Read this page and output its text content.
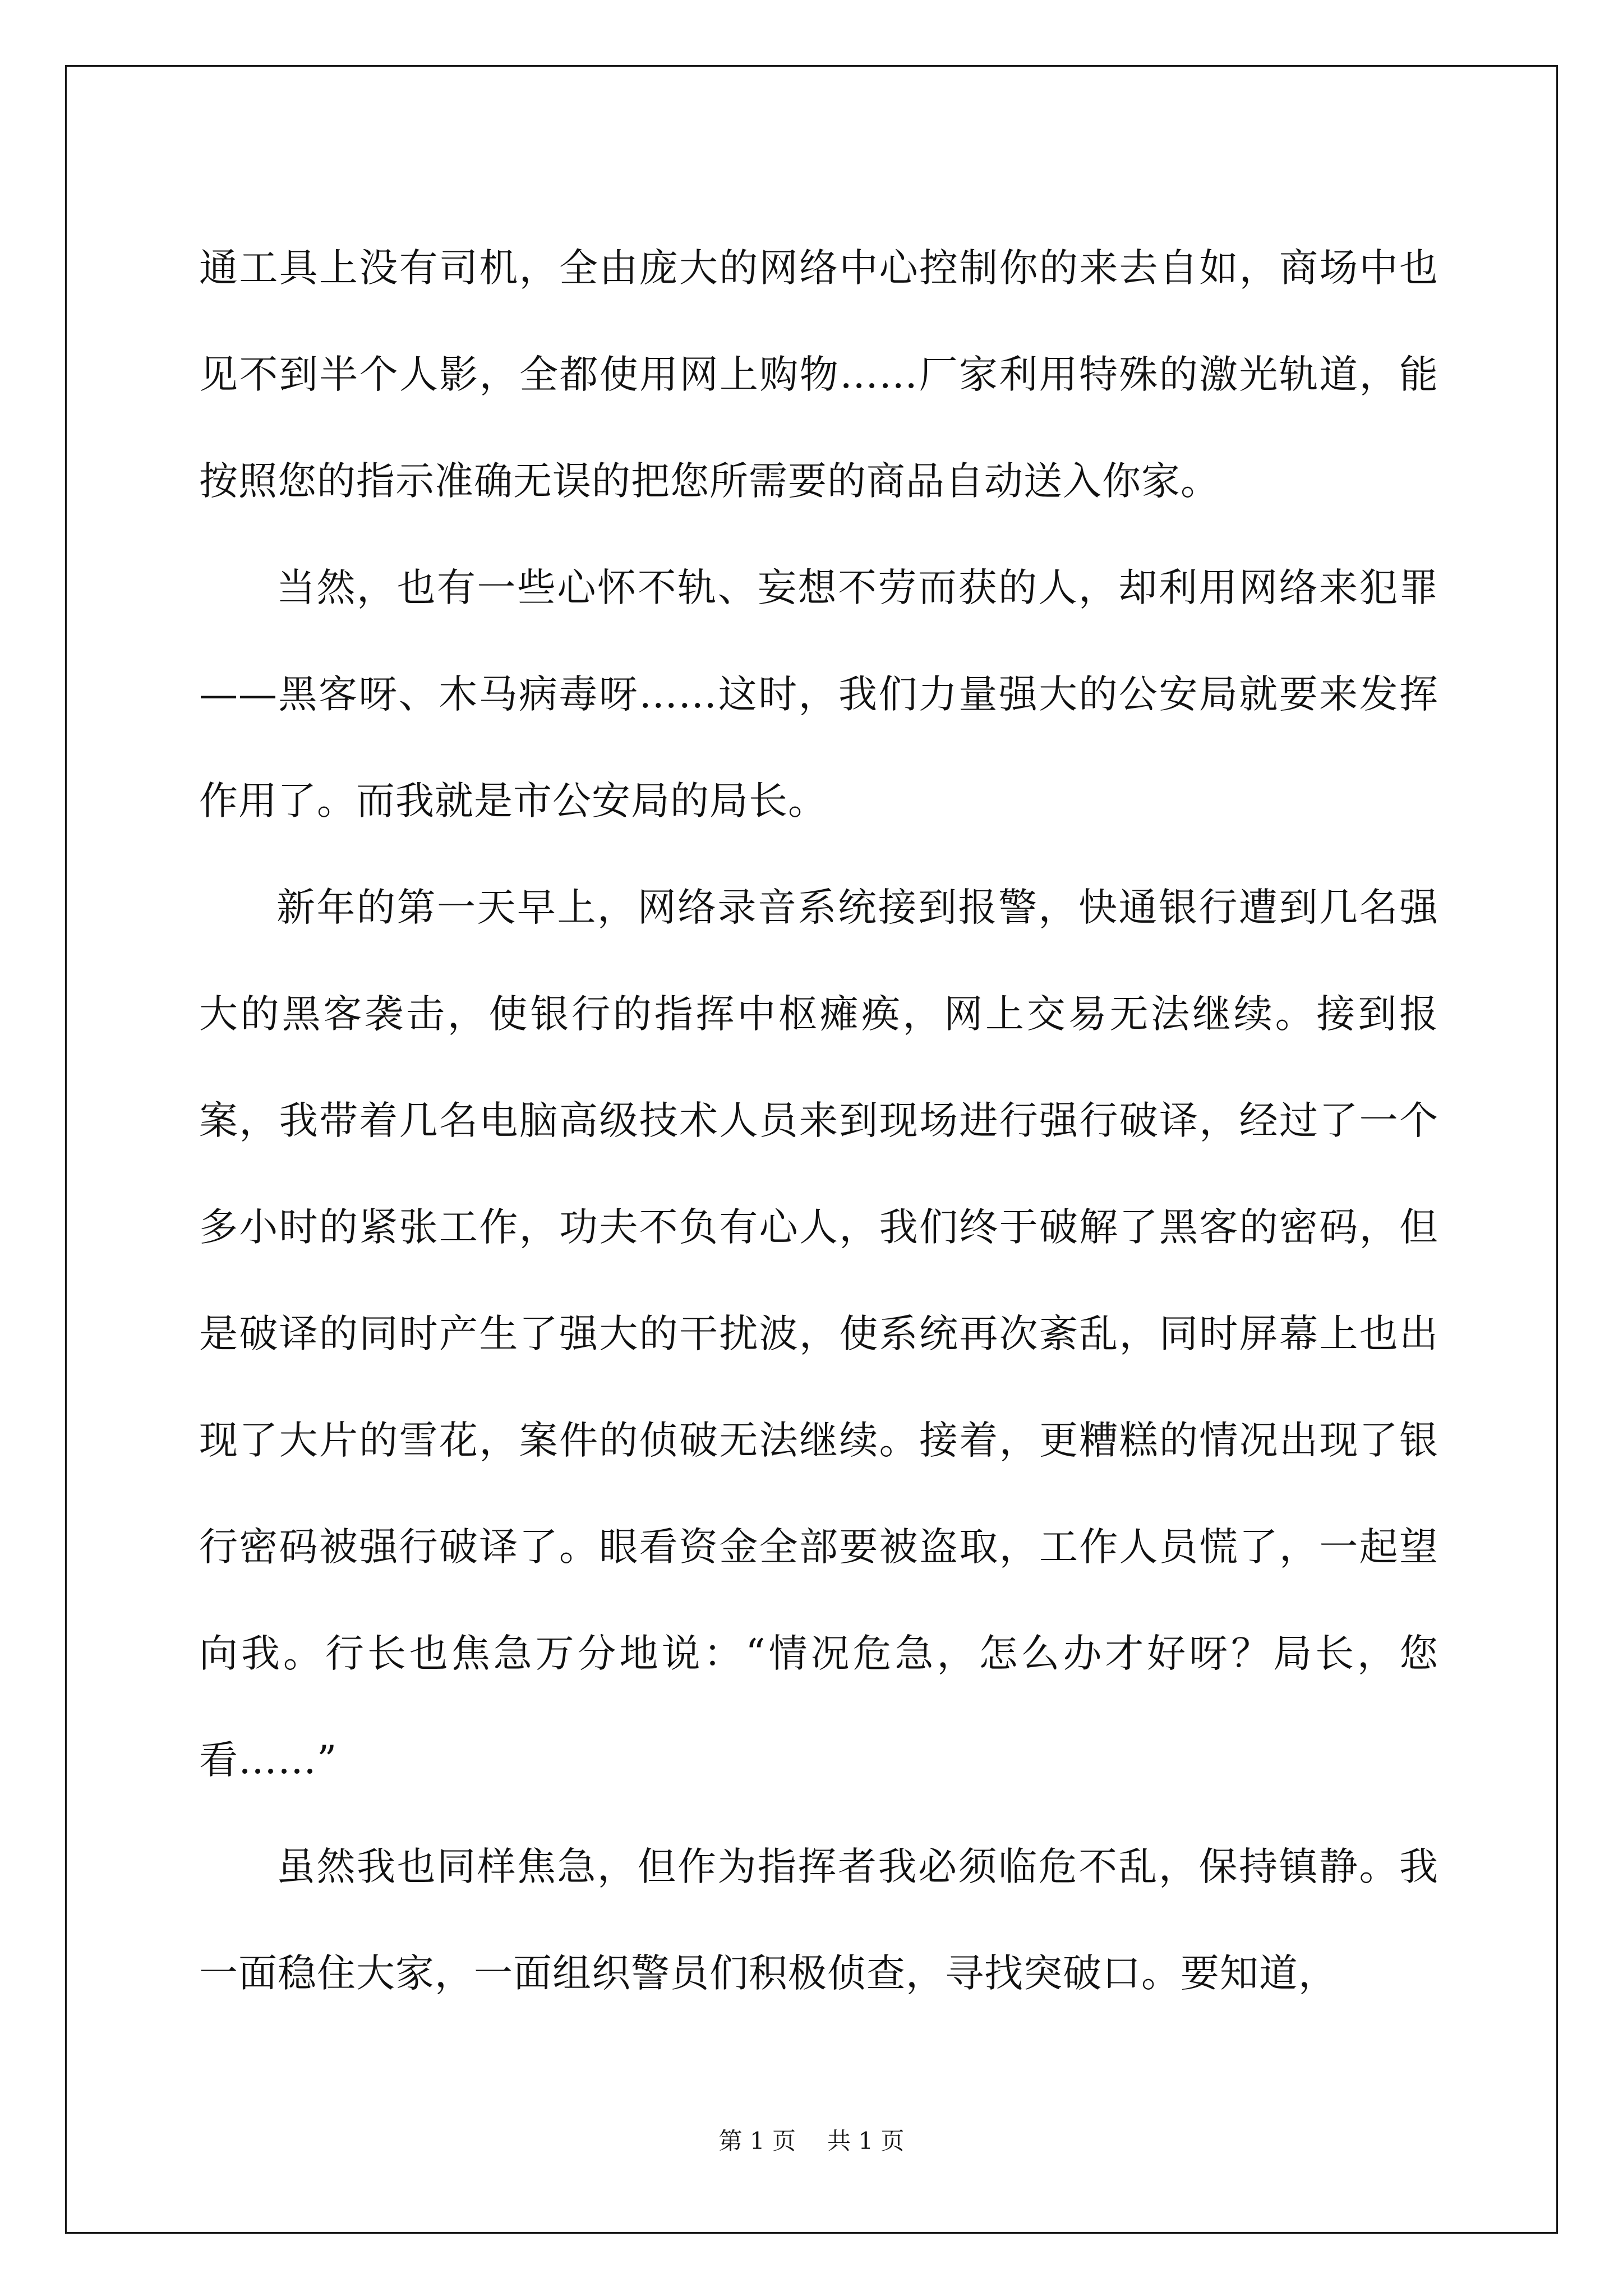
通工具上没有司机，全由庞大的网络中心控制你的来去自如，商场中也见不到半个人影，全都使用网上购物……厂家利用特殊的激光轨道，能按照您的指示准确无误的把您所需要的商品自动送入你家。

当然，也有一些心怀不轨、妄想不劳而获的人，却利用网络来犯罪——黑客呀、木马病毒呀……这时，我们力量强大的公安局就要来发挥作用了。而我就是市公安局的局长。

新年的第一天早上，网络录音系统接到报警，快通银行遭到几名强大的黑客袭击，使银行的指挥中枢瘫痪，网上交易无法继续。接到报案，我带着几名电脑高级技术人员来到现场进行强行破译，经过了一个多小时的紧张工作，功夫不负有心人，我们终于破解了黑客的密码，但是破译的同时产生了强大的干扰波，使系统再次紊乱，同时屏幕上也出现了大片的雪花，案件的侦破无法继续。接着，更糟糕的情况出现了银行密码被强行破译了。眼看资金全部要被盗取，工作人员慌了，一起望向我。行长也焦急万分地说：“情况危急，怎么办才好呀？局长，您看……”

虽然我也同样焦急，但作为指挥者我必须临危不乱，保持镇静。我一面稳住大家，一面组织警员们积极侦查，寻找突破口。要知道，

第 1 页 共 1 页
